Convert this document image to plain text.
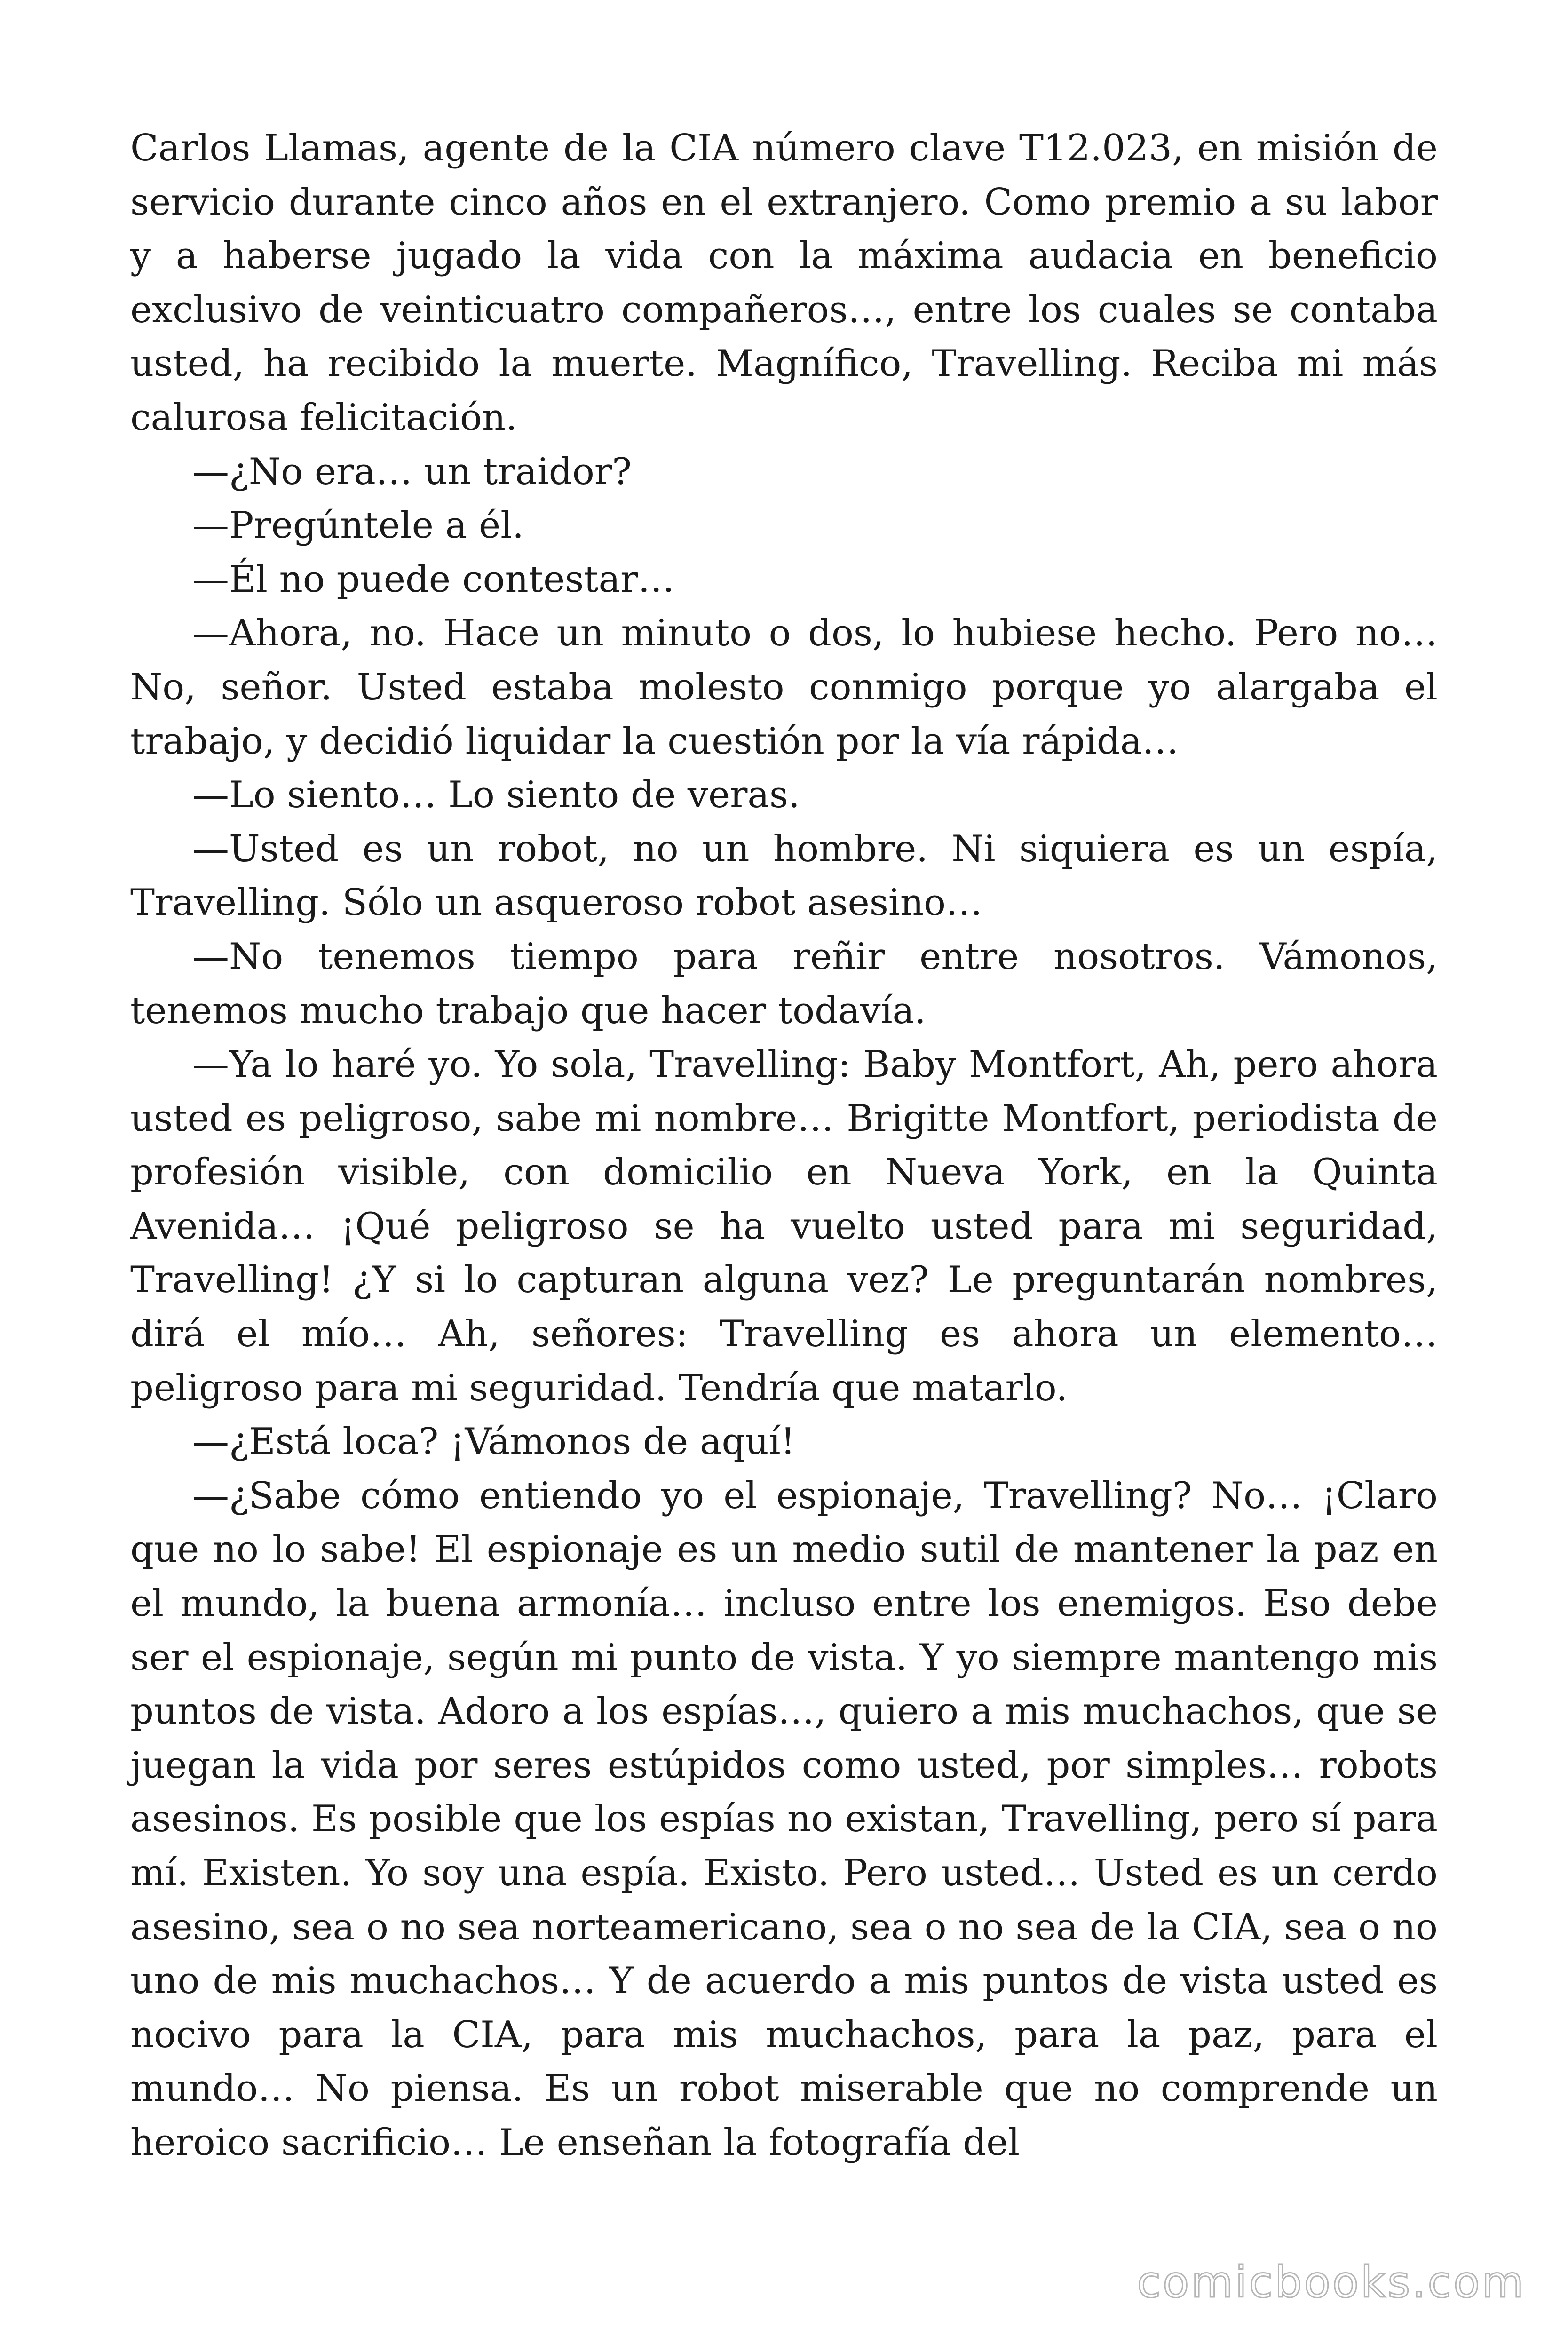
Carlos Llamas, agente de la CIA número clave T12.023, en misión de servicio durante cinco años en el extranjero. Como premio a su labor y a haberse jugado la vida con la máxima audacia en beneficio exclusivo de veinticuatro compañeros…, entre los cuales se contaba usted, ha recibido la muerte. Magnífico, Travelling. Reciba mi más calurosa felicitación.

—¿No era… un traidor?

—Pregúntele a él.

—Él no puede contestar…

—Ahora, no. Hace un minuto o dos, lo hubiese hecho. Pero no… No, señor. Usted estaba molesto conmigo porque yo alargaba el trabajo, y decidió liquidar la cuestión por la vía rápida…

—Lo siento… Lo siento de veras.

—Usted es un robot, no un hombre. Ni siquiera es un espía, Travelling. Sólo un asqueroso robot asesino…

—No tenemos tiempo para reñir entre nosotros. Vámonos, tenemos mucho trabajo que hacer todavía.

—Ya lo haré yo. Yo sola, Travelling: Baby Montfort, Ah, pero ahora usted es peligroso, sabe mi nombre… Brigitte Montfort, periodista de profesión visible, con domicilio en Nueva York, en la Quinta Avenida… ¡Qué peligroso se ha vuelto usted para mi seguridad, Travelling! ¿Y si lo capturan alguna vez? Le preguntarán nombres, dirá el mío… Ah, señores: Travelling es ahora un elemento… peligroso para mi seguridad. Tendría que matarlo.

—¿Está loca? ¡Vámonos de aquí!

—¿Sabe cómo entiendo yo el espionaje, Travelling? No… ¡Claro que no lo sabe! El espionaje es un medio sutil de mantener la paz en el mundo, la buena armonía… incluso entre los enemigos. Eso debe ser el espionaje, según mi punto de vista. Y yo siempre mantengo mis puntos de vista. Adoro a los espías…, quiero a mis muchachos, que se juegan la vida por seres estúpidos como usted, por simples… robots asesinos. Es posible que los espías no existan, Travelling, pero sí para mí. Existen. Yo soy una espía. Existo. Pero usted… Usted es un cerdo asesino, sea o no sea norteamericano, sea o no sea de la CIA, sea o no uno de mis muchachos… Y de acuerdo a mis puntos de vista usted es nocivo para la CIA, para mis muchachos, para la paz, para el mundo… No piensa. Es un robot miserable que no comprende un heroico sacrificio… Le enseñan la fotografía del

comicbooks.com
